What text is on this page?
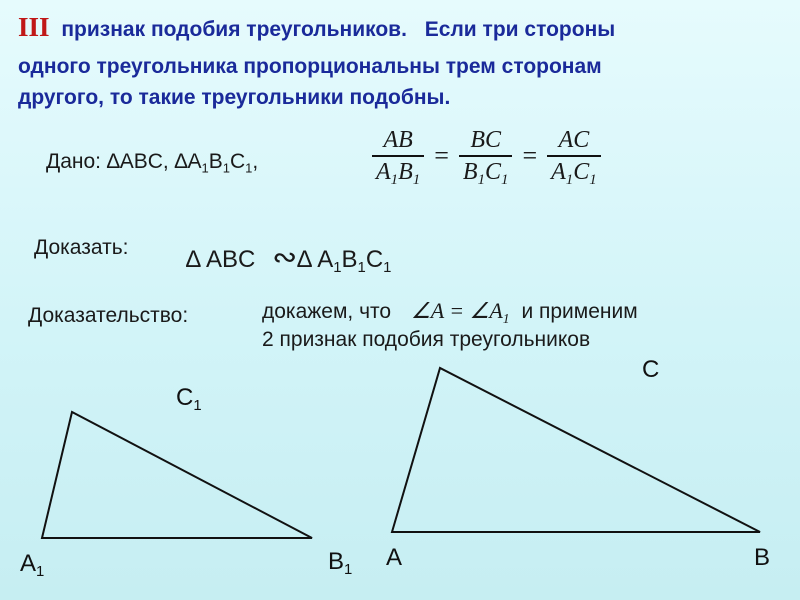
III признак подобия треугольников. Если три стороны
одного треугольника пропорциональны трем сторонам
другого, то такие треугольники подобны.
Дано: ∆ABC, $\Delta A_1B_1C_1$,	$\frac{AB}{A_1B_1} = \frac{BC}{B_1C_1} = \frac{AC}{A_1C_1}$
Доказать: ∆ ABC ∾∆ $A_1B_1C_1$
Доказательство:	докажем, что ∠A = $\angle A_1$ и применим
2 признак подобия треугольников
$C_1$
$A_1$	$B_1$
C
A	B
